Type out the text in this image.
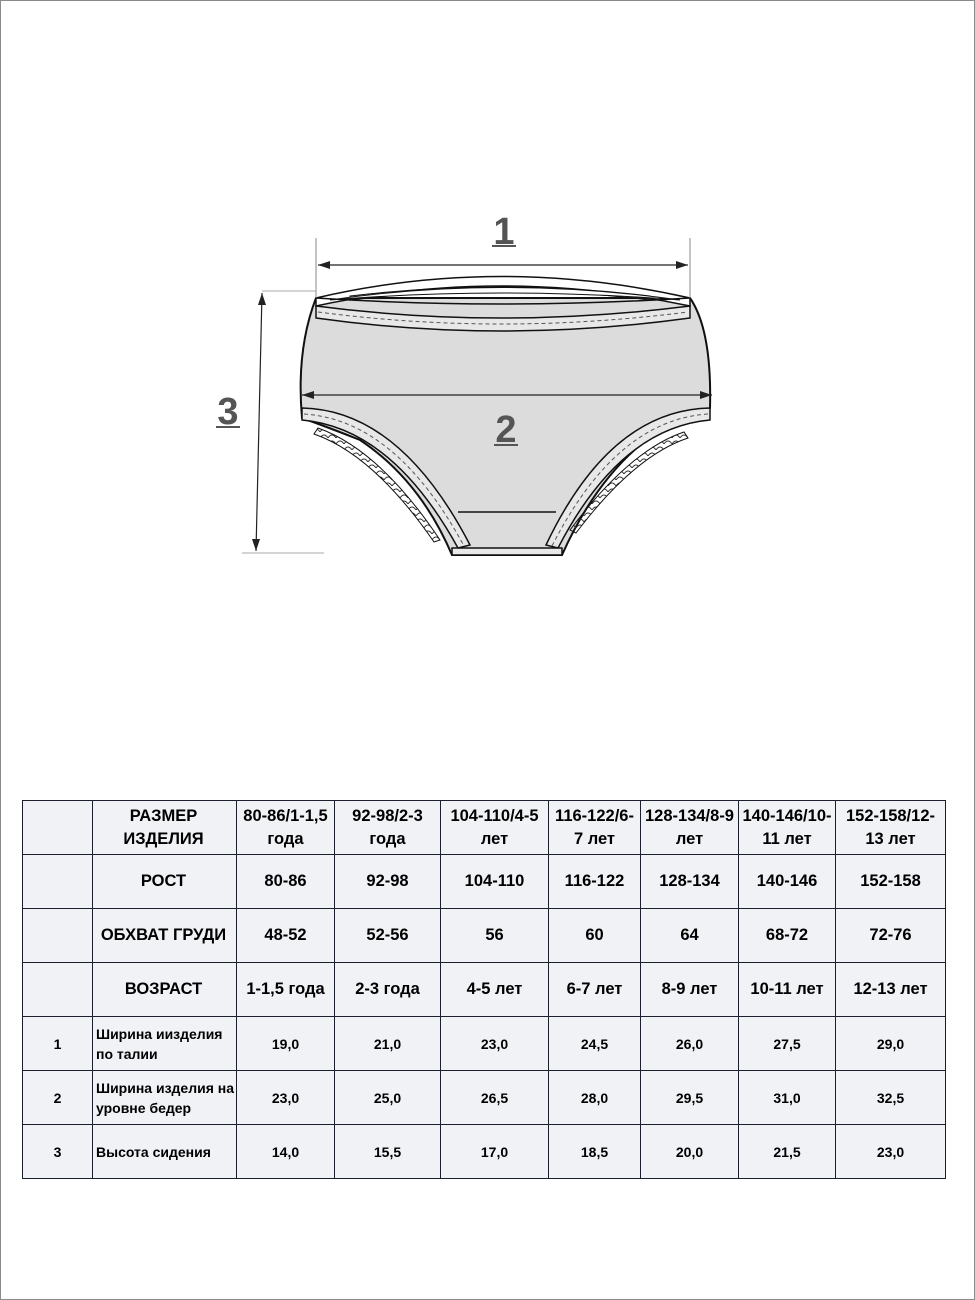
1
2
3
	РАЗМЕР ИЗДЕЛИЯ	80-86/1-1,5 года	92-98/2-3 года	104-110/4-5 лет	116-122/6-7 лет	128-134/8-9 лет	140-146/10-11 лет	152-158/12-13 лет
	РОСТ	80-86	92-98	104-110	116-122	128-134	140-146	152-158
	ОБХВАТ ГРУДИ	48-52	52-56	56	60	64	68-72	72-76
	ВОЗРАСТ	1-1,5 года	2-3 года	4-5 лет	6-7 лет	8-9 лет	10-11 лет	12-13 лет
1	Ширина иизделия по талии	19,0	21,0	23,0	24,5	26,0	27,5	29,0
2	Ширина изделия на уровне бедер	23,0	25,0	26,5	28,0	29,5	31,0	32,5
3	Высота сидения	14,0	15,5	17,0	18,5	20,0	21,5	23,0
